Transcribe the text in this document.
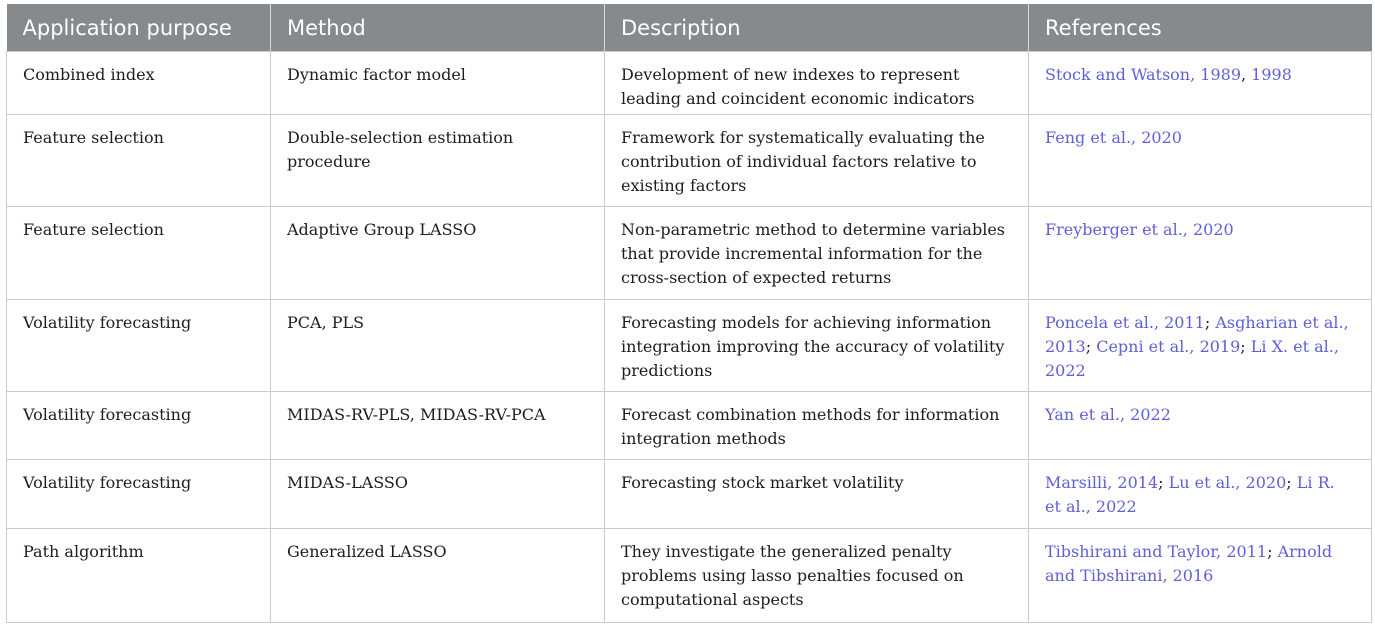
Application purpose	Method	Description	References
Combined index	Dynamic factor model	Development of new indexes to represent leading and coincident economic indicators	Stock and Watson, 1989, 1998
Feature selection	Double-selection estimation procedure	Framework for systematically evaluating the contribution of individual factors relative to existing factors	Feng et al., 2020
Feature selection	Adaptive Group LASSO	Non-parametric method to determine variables that provide incremental information for the cross-section of expected returns	Freyberger et al., 2020
Volatility forecasting	PCA, PLS	Forecasting models for achieving information integration improving the accuracy of volatility predictions	Poncela et al., 2011; Asgharian et al., 2013; Cepni et al., 2019; Li X. et al., 2022
Volatility forecasting	MIDAS-RV-PLS, MIDAS-RV-PCA	Forecast combination methods for information integration methods	Yan et al., 2022
Volatility forecasting	MIDAS-LASSO	Forecasting stock market volatility	Marsilli, 2014; Lu et al., 2020; Li R. et al., 2022
Path algorithm	Generalized LASSO	They investigate the generalized penalty problems using lasso penalties focused on computational aspects	Tibshirani and Taylor, 2011; Arnold and Tibshirani, 2016
